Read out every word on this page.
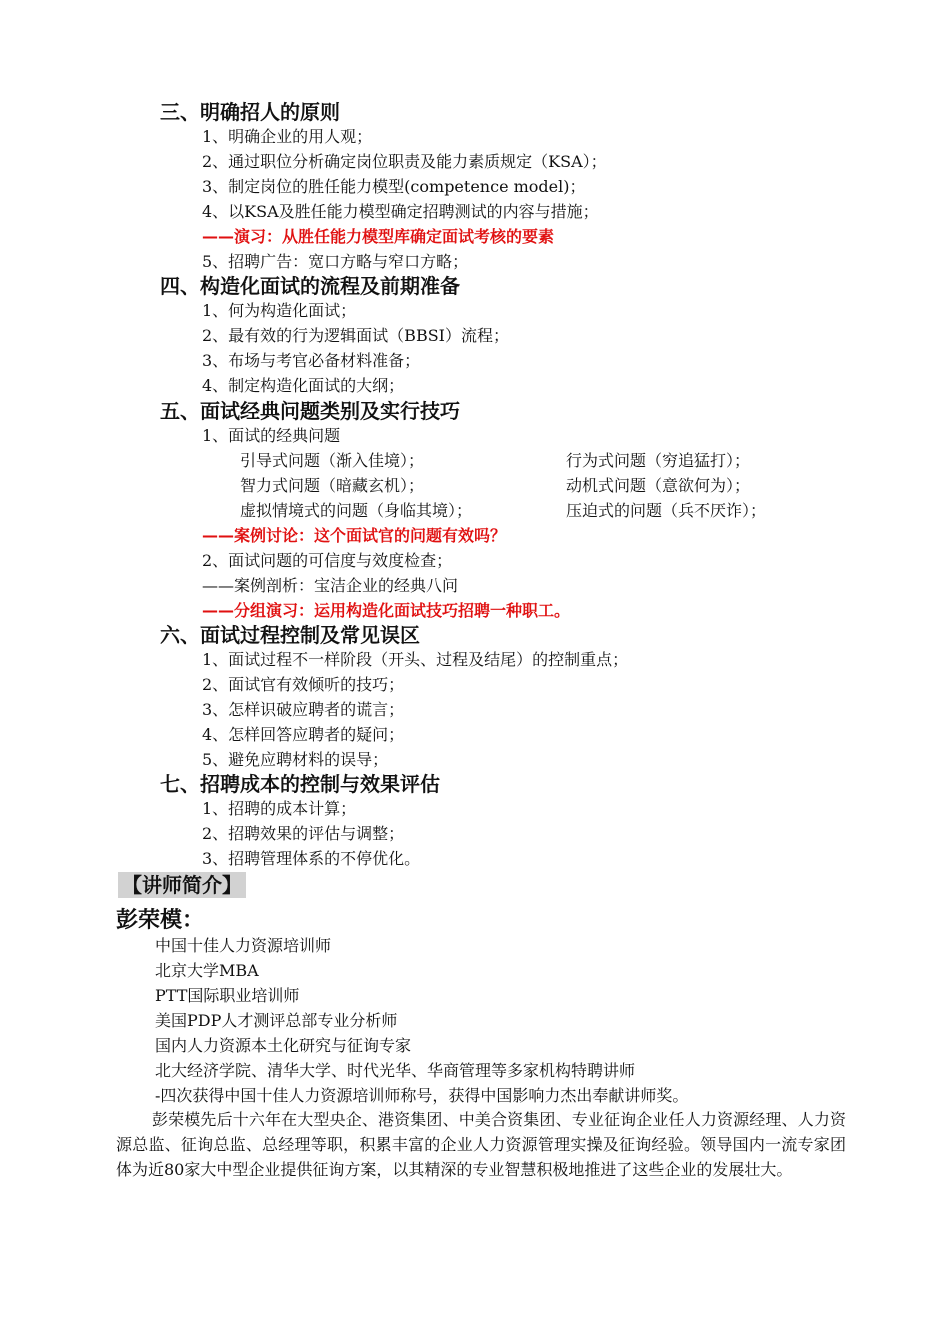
三、明确招人的原则
1、明确企业的用人观；
2、通过职位分析确定岗位职责及能力素质规定（KSA）；
3、制定岗位的胜任能力模型(competence model)；
4、以KSA及胜任能力模型确定招聘测试的内容与措施；
——演习：从胜任能力模型库确定面试考核的要素
5、招聘广告：宽口方略与窄口方略；
四、构造化面试的流程及前期准备
1、何为构造化面试；
2、最有效的行为逻辑面试（BBSI）流程；
3、布场与考官必备材料准备；
4、制定构造化面试的大纲；
五、面试经典问题类别及实行技巧
1、面试的经典问题
引导式问题（渐入佳境）；	行为式问题（穷追猛打）；
智力式问题（暗藏玄机）；	动机式问题（意欲何为）；
虚拟情境式的问题（身临其境）；	压迫式的问题（兵不厌诈）；
——案例讨论：这个面试官的问题有效吗？
2、面试问题的可信度与效度检查；
——案例剖析：宝洁企业的经典八问
——分组演习：运用构造化面试技巧招聘一种职工。
六、面试过程控制及常见误区
1、面试过程不一样阶段（开头、过程及结尾）的控制重点；
2、面试官有效倾听的技巧；
3、怎样识破应聘者的谎言；
4、怎样回答应聘者的疑问；
5、避免应聘材料的误导；
七、招聘成本的控制与效果评估
1、招聘的成本计算；
2、招聘效果的评估与调整；
3、招聘管理体系的不停优化。
【讲师简介】
彭荣模：
中国十佳人力资源培训师
北京大学MBA
PTT国际职业培训师
美国PDP人才测评总部专业分析师
国内人力资源本土化研究与征询专家
北大经济学院、清华大学、时代光华、华商管理等多家机构特聘讲师
-四次获得中国十佳人力资源培训师称号，获得中国影响力杰出奉献讲师奖。
彭荣模先后十六年在大型央企、港资集团、中美合资集团、专业征询企业任人力资源经理、人力资源总监、征询总监、总经理等职，积累丰富的企业人力资源管理实操及征询经验。领导国内一流专家团体为近80家大中型企业提供征询方案，以其精深的专业智慧积极地推进了这些企业的发展壮大。
